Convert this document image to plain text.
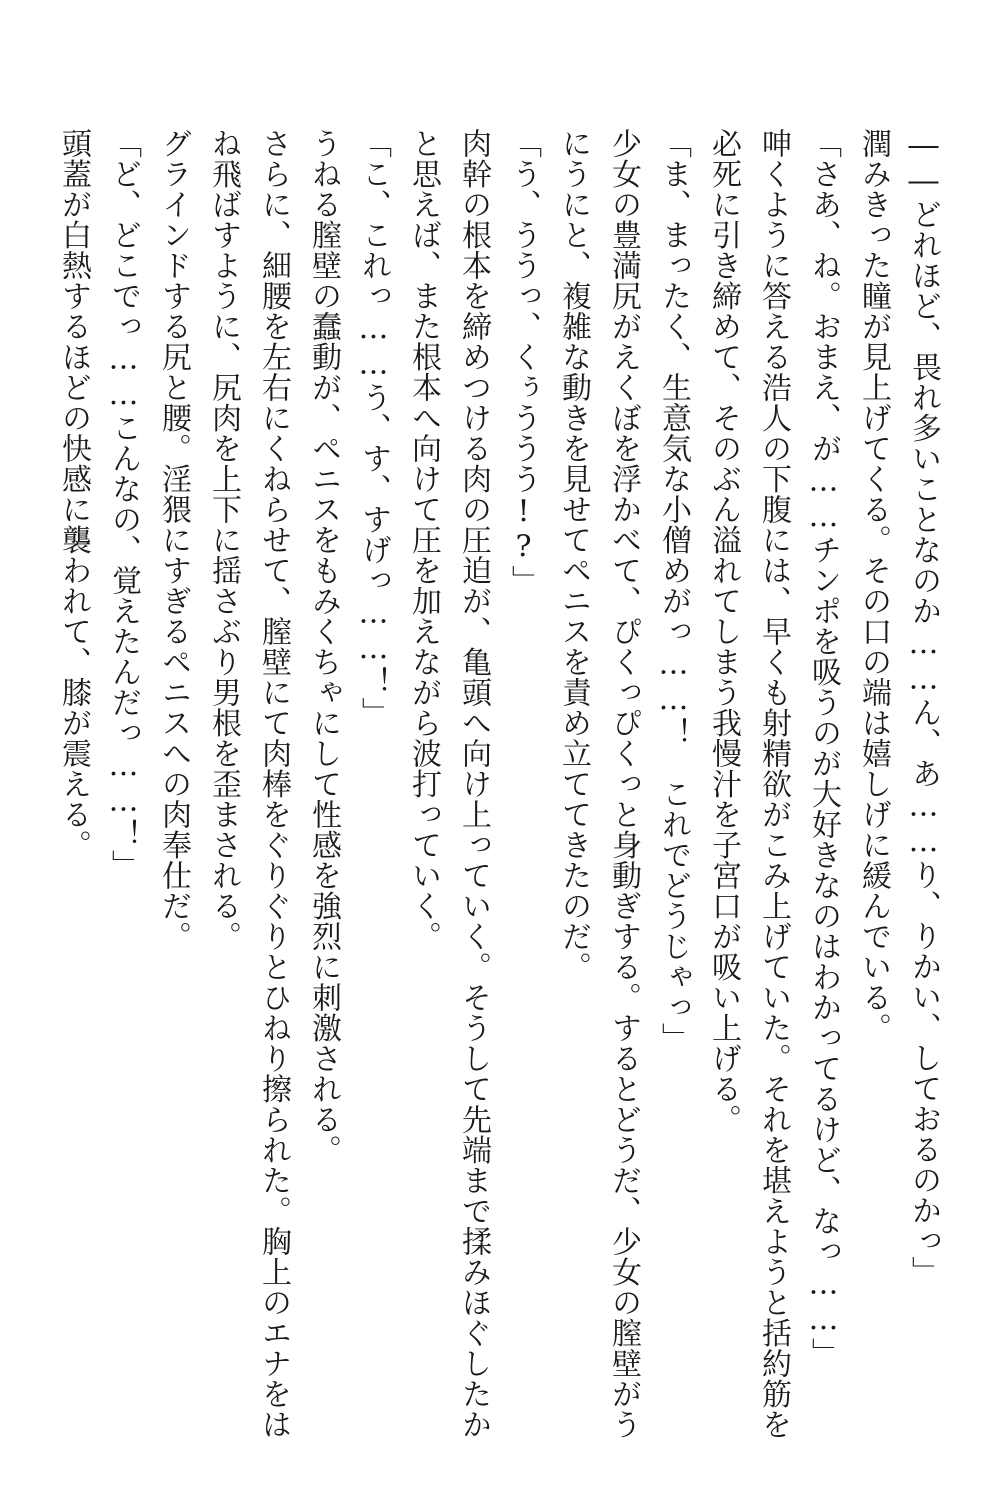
――どれほど、畏れ多いことなのか……ん、あ……り、りかい、しておるのかっ」

潤みきった瞳が見上げてくる。その口の端は嬉しげに緩んでいる。

「さあ、ね。おまえ、が……チンポを吸うのが大好きなのはわかってるけど、なっ……」

呻くように答える浩人の下腹には、早くも射精欲がこみ上げていた。それを堪えようと括約筋を

必死に引き締めて、そのぶん溢れてしまう我慢汁を子宮口が吸い上げる。

「ま、まったく、生意気な小僧めがっ……！　これでどうじゃっ」

少女の豊満尻がえくぼを浮かべて、ぴくっぴくっと身動ぎする。するとどうだ、少女の膣壁がう

にうにと、複雑な動きを見せてペニスを責め立ててきたのだ。

「う、ううっ、くぅううう!?」

肉幹の根本を締めつける肉の圧迫が、亀頭へ向け上っていく。そうして先端まで揉みほぐしたか

と思えば、また根本へ向けて圧を加えながら波打っていく。

「こ、これっ……う、す、すげっ……！」

うねる膣壁の蠢動が、ペニスをもみくちゃにして性感を強烈に刺激される。

さらに、細腰を左右にくねらせて、膣壁にて肉棒をぐりぐりとひねり擦られた。胸上のエナをは

ね飛ばすように、尻肉を上下に揺さぶり男根を歪まされる。

グラインドする尻と腰。淫猥にすぎるペニスへの肉奉仕だ。

「ど、どこでっ……こんなの、覚えたんだっ……！」

頭蓋が白熱するほどの快感に襲われて、膝が震える。
